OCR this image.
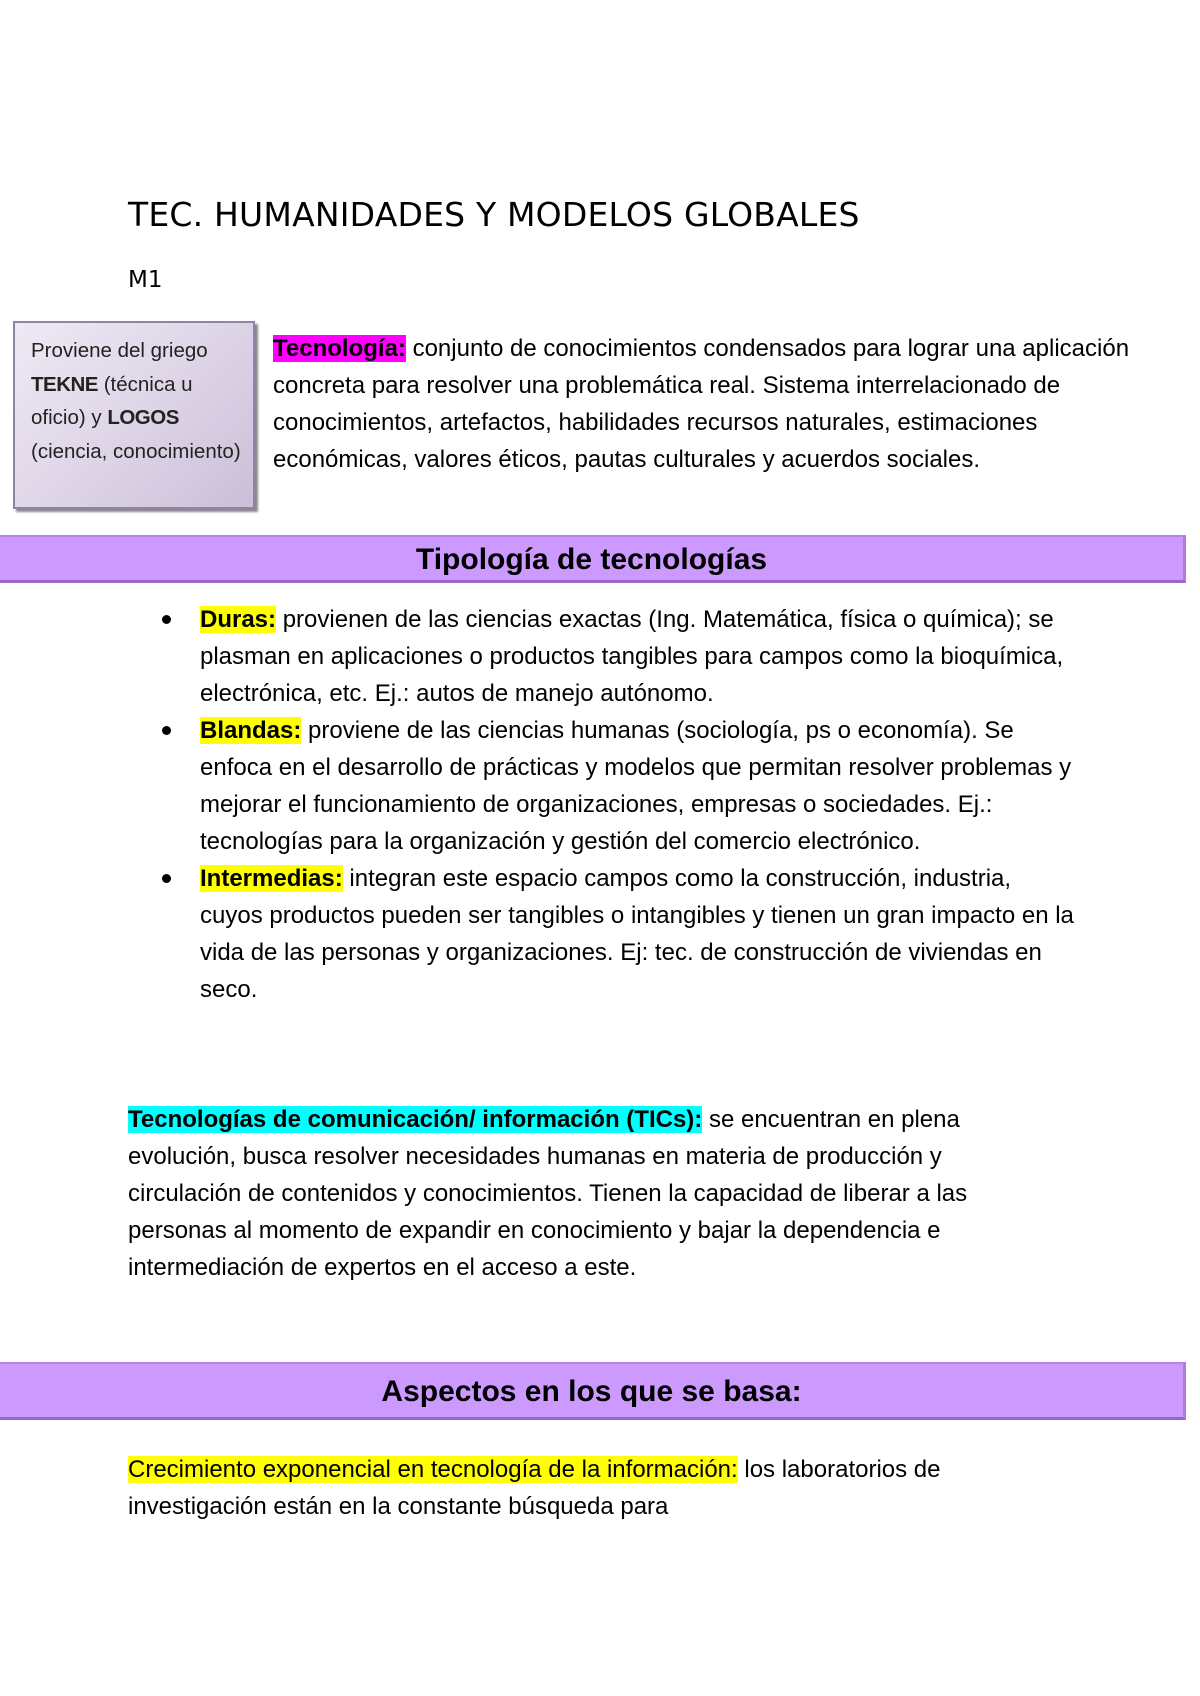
TEC. HUMANIDADES Y MODELOS GLOBALES
M1
Proviene del griego TEKNE (técnica u oficio) y LOGOS (ciencia, conocimiento)

Tecnología: conjunto de conocimientos condensados para lograr una aplicación concreta para resolver una problemática real. Sistema interrelacionado de conocimientos, artefactos, habilidades recursos naturales, estimaciones económicas, valores éticos, pautas culturales y acuerdos sociales.

Tipología de tecnologías
Duras: provienen de las ciencias exactas (Ing. Matemática, física o química); se plasman en aplicaciones o productos tangibles para campos como la bioquímica, electrónica, etc. Ej.: autos de manejo autónomo.
Blandas: proviene de las ciencias humanas (sociología, ps o economía). Se enfoca en el desarrollo de prácticas y modelos que permitan resolver problemas y mejorar el funcionamiento de organizaciones, empresas o sociedades. Ej.: tecnologías para la organización y gestión del comercio electrónico.
Intermedias: integran este espacio campos como la construcción, industria, cuyos productos pueden ser tangibles o intangibles y tienen un gran impacto en la vida de las personas y organizaciones. Ej: tec. de construcción de viviendas en seco.

Tecnologías de comunicación/ información (TICs): se encuentran en plena evolución, busca resolver necesidades humanas en materia de producción y circulación de contenidos y conocimientos. Tienen la capacidad de liberar a las personas al momento de expandir en conocimiento y bajar la dependencia e intermediación de expertos en el acceso a este.

Aspectos en los que se basa:

Crecimiento exponencial en tecnología de la información: los laboratorios de investigación están en la constante búsqueda para
